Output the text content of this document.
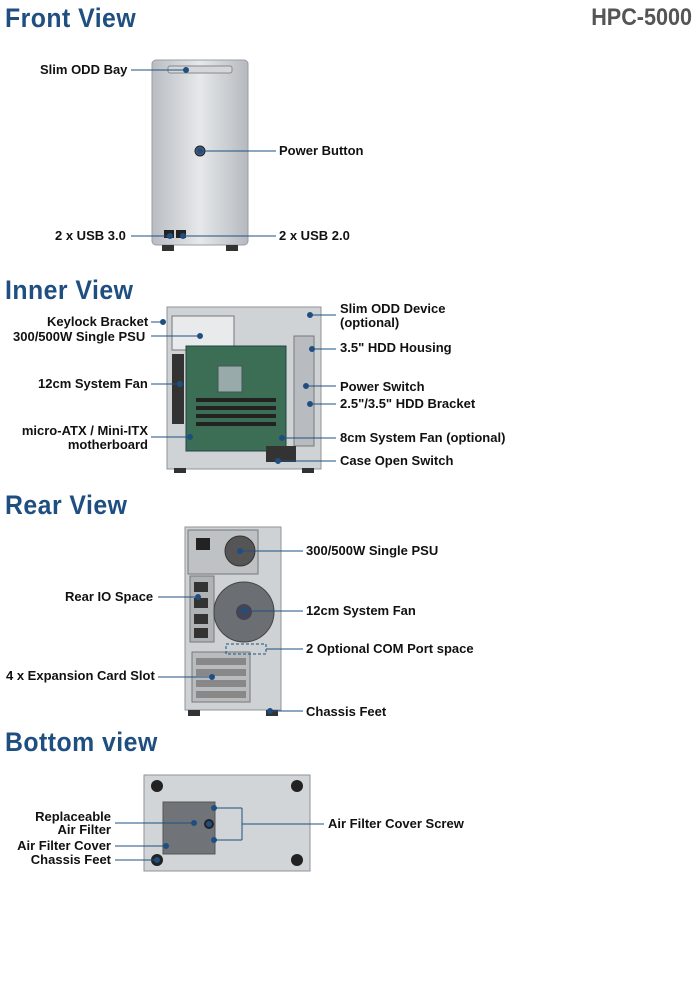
HPC-5000
Front View
Inner View
Rear View
Bottom view
Slim ODD Bay
Power Button
2 x USB 3.0	2 x USB 2.0
Keylock Bracket
300/500W Single PSU
12cm System Fan
micro-ATX / Mini-ITX
motherboard
Slim ODD Device
(optional)
3.5" HDD Housing
Power Switch
2.5"/3.5" HDD Bracket
8cm System Fan (optional)
Case Open Switch
300/500W Single PSU
Rear IO Space
12cm System Fan
2 Optional COM Port space
4 x Expansion Card Slot
Chassis Feet
Replaceable
Air Filter
Air Filter Cover
Chassis Feet
Air Filter Cover Screw
